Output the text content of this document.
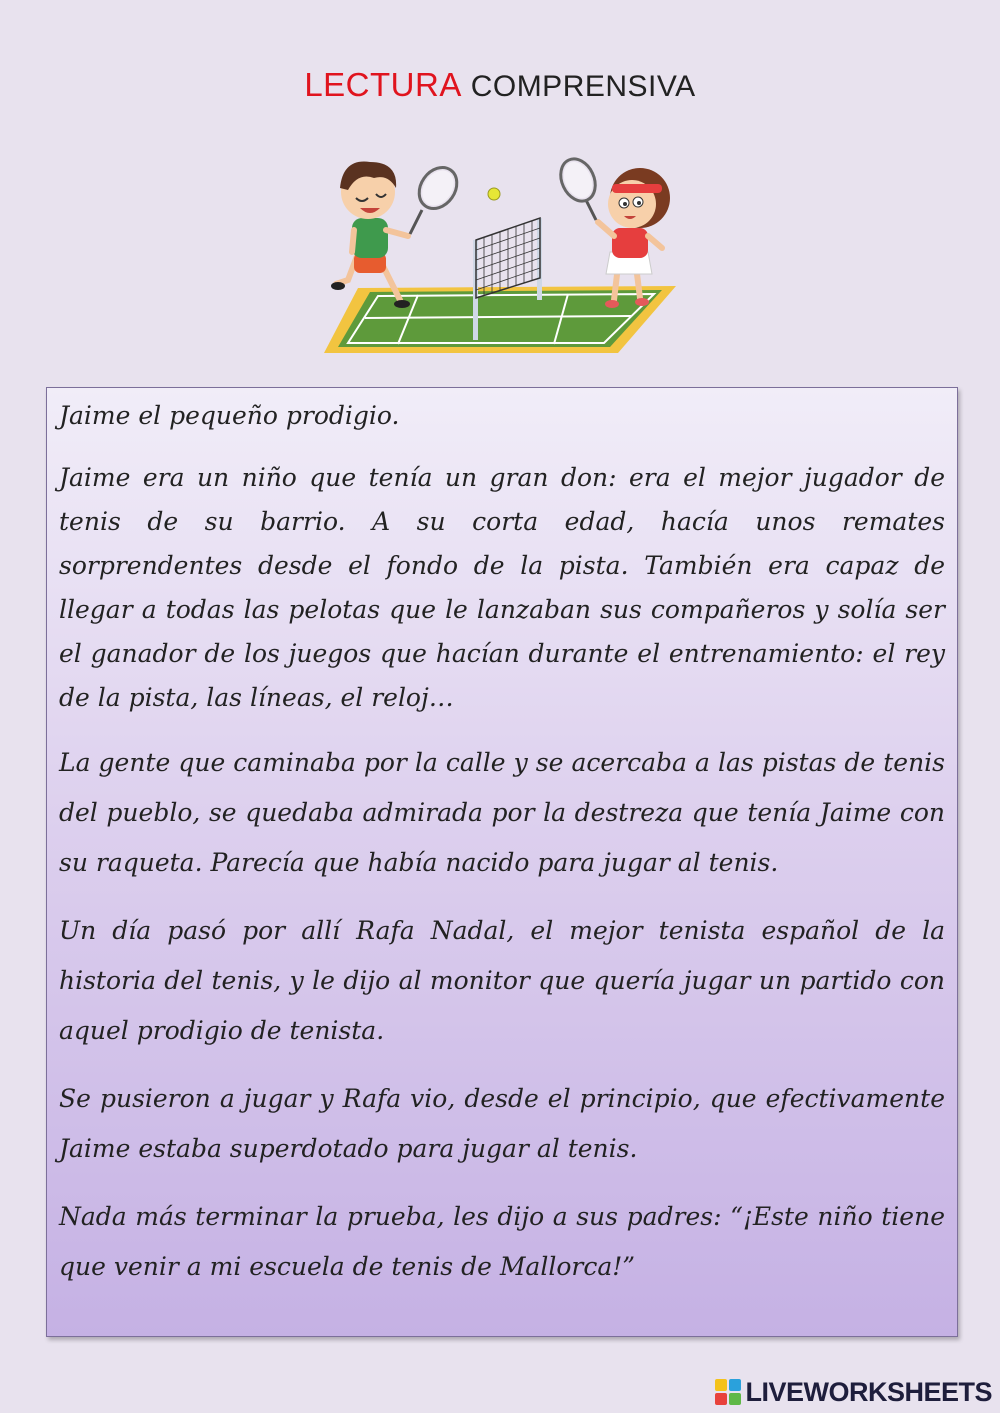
LECTURA COMPRENSIVA

Jaime el pequeño prodigio.

Jaime era un niño que tenía un gran don: era el mejor jugador de tenis de su barrio. A su corta edad, hacía unos remates sorprendentes desde el fondo de la pista. También era capaz de llegar a todas las pelotas que le lanzaban sus compañeros y solía ser el ganador de los juegos que hacían durante el entrenamiento: el rey de la pista, las líneas, el reloj…

La gente que caminaba por la calle y se acercaba a las pistas de tenis del pueblo, se quedaba admirada por la destreza que tenía Jaime con su raqueta. Parecía que había nacido para jugar al tenis.

Un día pasó por allí Rafa Nadal, el mejor tenista español de la historia del tenis, y le dijo al monitor que quería jugar un partido con aquel prodigio de tenista.

Se pusieron a jugar y Rafa vio, desde el principio, que efectivamente Jaime estaba superdotado para jugar al tenis.

Nada más terminar la prueba, les dijo a sus padres: “¡Este niño tiene que venir a mi escuela de tenis de Mallorca!”

LIVEWORKSHEETS
